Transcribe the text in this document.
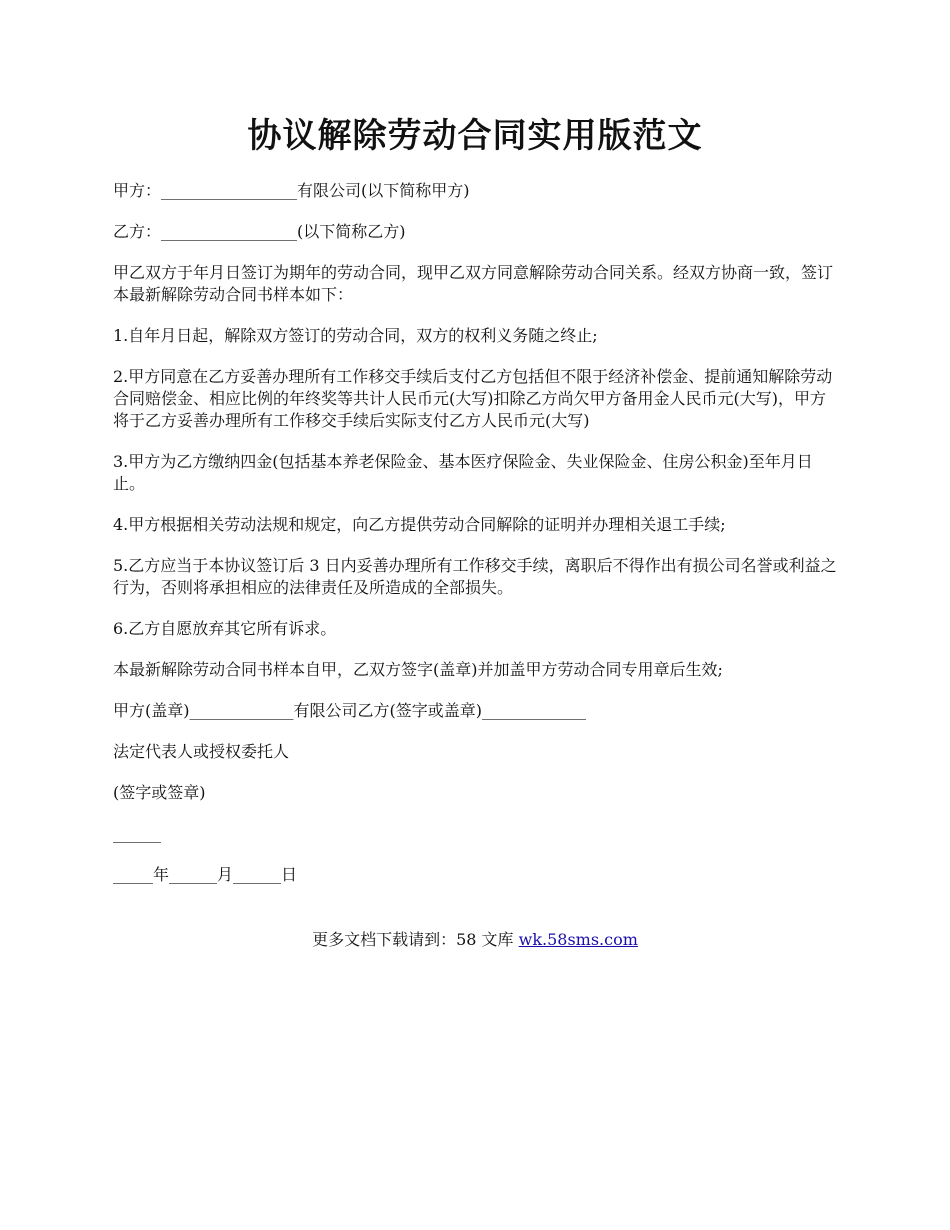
协议解除劳动合同实用版范文

甲方：_________________有限公司(以下简称甲方)

乙方：_________________(以下简称乙方)

甲乙双方于年月日签订为期年的劳动合同，现甲乙双方同意解除劳动合同关系。经双方协商一致，签订本最新解除劳动合同书样本如下：

1.自年月日起，解除双方签订的劳动合同，双方的权利义务随之终止;

2.甲方同意在乙方妥善办理所有工作移交手续后支付乙方包括但不限于经济补偿金、提前通知解除劳动合同赔偿金、相应比例的年终奖等共计人民币元(大写)扣除乙方尚欠甲方备用金人民币元(大写)，甲方将于乙方妥善办理所有工作移交手续后实际支付乙方人民币元(大写)

3.甲方为乙方缴纳四金(包括基本养老保险金、基本医疗保险金、失业保险金、住房公积金)至年月日止。

4.甲方根据相关劳动法规和规定，向乙方提供劳动合同解除的证明并办理相关退工手续;

5.乙方应当于本协议签订后 3 日内妥善办理所有工作移交手续，离职后不得作出有损公司名誉或利益之行为，否则将承担相应的法律责任及所造成的全部损失。

6.乙方自愿放弃其它所有诉求。

本最新解除劳动合同书样本自甲，乙双方签字(盖章)并加盖甲方劳动合同专用章后生效;

甲方(盖章)_____________有限公司乙方(签字或盖章)_____________

法定代表人或授权委托人

(签字或签章)

______

_____年______月______日

更多文档下载请到：58 文库 wk.58sms.com
